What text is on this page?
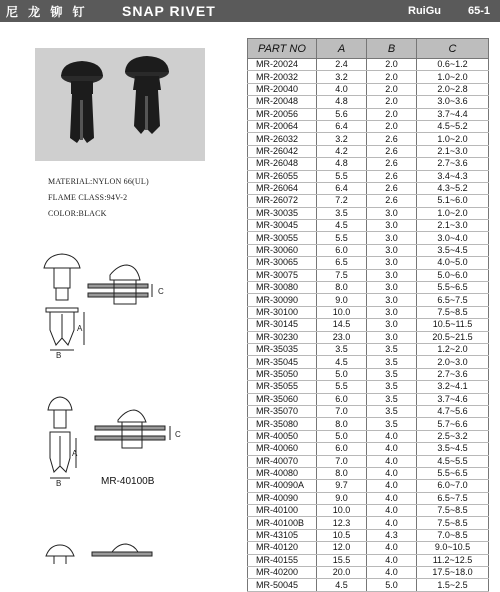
尼 龙 铆 钉 SNAP RIVET	RuiGu 65-1
MATERIAL:NYLON 66(UL)
FLAME CLASS:94V-2
COLOR:BLACK
C
A
B
A
B
C
MR-40100B
PART NO	A	B	C
MR-20024	2.4	2.0	0.6~1.2
MR-20032	3.2	2.0	1.0~2.0
MR-20040	4.0	2.0	2.0~2.8
MR-20048	4.8	2.0	3.0~3.6
MR-20056	5.6	2.0	3.7~4.4
MR-20064	6.4	2.0	4.5~5.2
MR-26032	3.2	2.6	1.0~2.0
MR-26042	4.2	2.6	2.1~3.0
MR-26048	4.8	2.6	2.7~3.6
MR-26055	5.5	2.6	3.4~4.3
MR-26064	6.4	2.6	4.3~5.2
MR-26072	7.2	2.6	5.1~6.0
MR-30035	3.5	3.0	1.0~2.0
MR-30045	4.5	3.0	2.1~3.0
MR-30055	5.5	3.0	3.0~4.0
MR-30060	6.0	3.0	3.5~4.5
MR-30065	6.5	3.0	4.0~5.0
MR-30075	7.5	3.0	5.0~6.0
MR-30080	8.0	3.0	5.5~6.5
MR-30090	9.0	3.0	6.5~7.5
MR-30100	10.0	3.0	7.5~8.5
MR-30145	14.5	3.0	10.5~11.5
MR-30230	23.0	3.0	20.5~21.5
MR-35035	3.5	3.5	1.2~2.0
MR-35045	4.5	3.5	2.0~3.0
MR-35050	5.0	3.5	2.7~3.6
MR-35055	5.5	3.5	3.2~4.1
MR-35060	6.0	3.5	3.7~4.6
MR-35070	7.0	3.5	4.7~5.6
MR-35080	8.0	3.5	5.7~6.6
MR-40050	5.0	4.0	2.5~3.2
MR-40060	6.0	4.0	3.5~4.5
MR-40070	7.0	4.0	4.5~5.5
MR-40080	8.0	4.0	5.5~6.5
MR-40090A	9.7	4.0	6.0~7.0
MR-40090	9.0	4.0	6.5~7.5
MR-40100	10.0	4.0	7.5~8.5
MR-40100B	12.3	4.0	7.5~8.5
MR-43105	10.5	4.3	7.0~8.5
MR-40120	12.0	4.0	9.0~10.5
MR-40155	15.5	4.0	11.2~12.5
MR-40200	20.0	4.0	17.5~18.0
MR-50045	4.5	5.0	1.5~2.5
